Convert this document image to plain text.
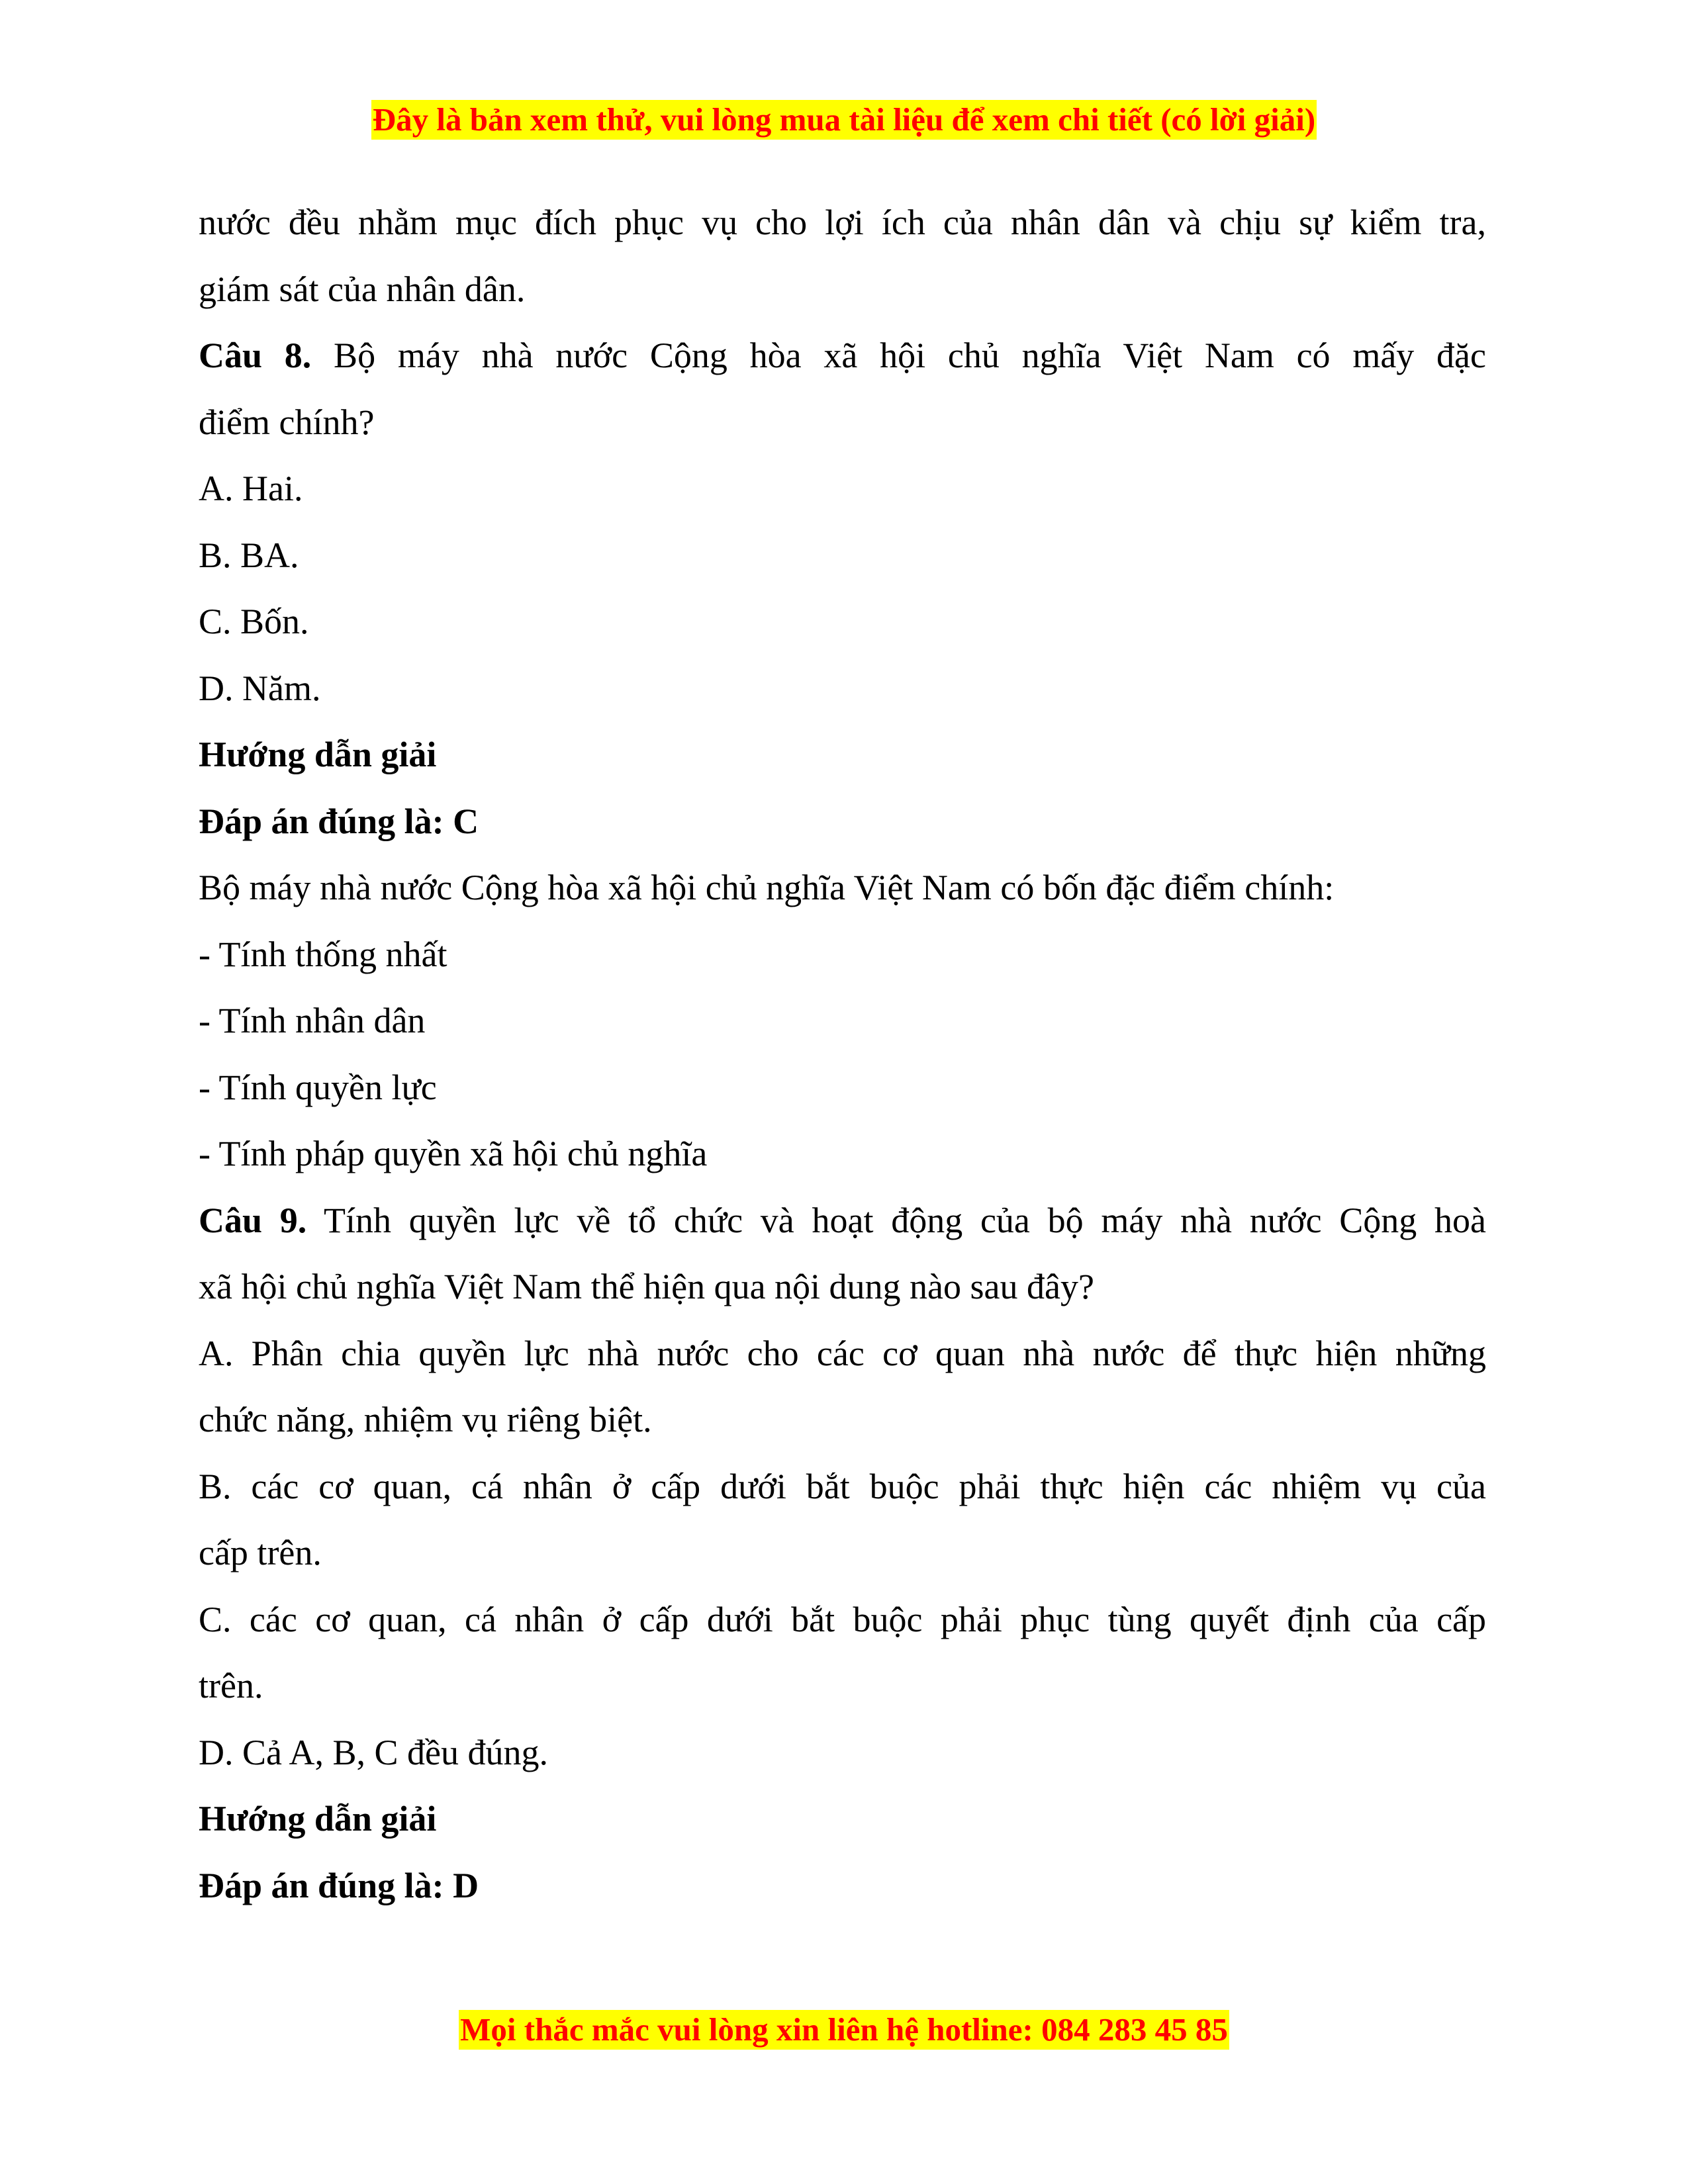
Đây là bản xem thử, vui lòng mua tài liệu để xem chi tiết (có lời giải)
nước đều nhằm mục đích phục vụ cho lợi ích của nhân dân và chịu sự kiểm tra,
giám sát của nhân dân.
Câu 8. Bộ máy nhà nước Cộng hòa xã hội chủ nghĩa Việt Nam có mấy đặc
điểm chính?
A. Hai.
B. BA.
C. Bốn.
D. Năm.
Hướng dẫn giải
Đáp án đúng là: C
Bộ máy nhà nước Cộng hòa xã hội chủ nghĩa Việt Nam có bốn đặc điểm chính:
- Tính thống nhất
- Tính nhân dân
- Tính quyền lực
- Tính pháp quyền xã hội chủ nghĩa
Câu 9. Tính quyền lực về tổ chức và hoạt động của bộ máy nhà nước Cộng hoà
xã hội chủ nghĩa Việt Nam thể hiện qua nội dung nào sau đây?
A. Phân chia quyền lực nhà nước cho các cơ quan nhà nước để thực hiện những
chức năng, nhiệm vụ riêng biệt.
B. các cơ quan, cá nhân ở cấp dưới bắt buộc phải thực hiện các nhiệm vụ của
cấp trên.
C. các cơ quan, cá nhân ở cấp dưới bắt buộc phải phục tùng quyết định của cấp
trên.
D. Cả A, B, C đều đúng.
Hướng dẫn giải
Đáp án đúng là: D
Mọi thắc mắc vui lòng xin liên hệ hotline: 084 283 45 85
